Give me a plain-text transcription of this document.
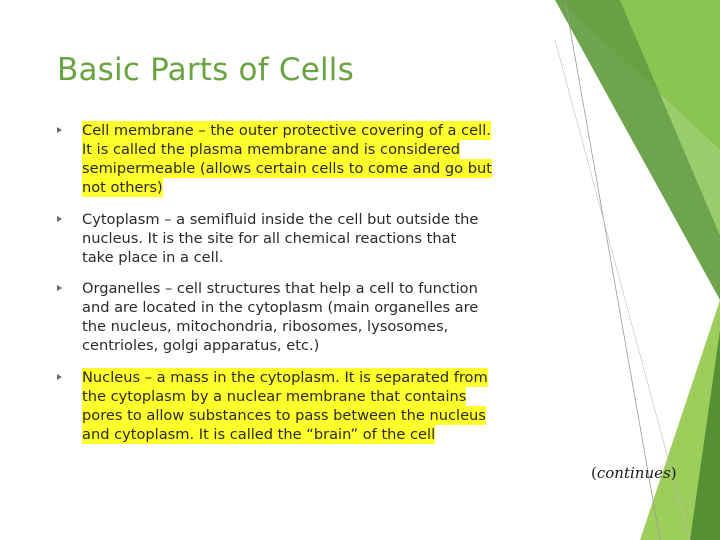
Basic Parts of Cells
Cell membrane – the outer protective covering of a cell.
It is called the plasma membrane and is considered
semipermeable (allows certain cells to come and go but
not others)
Cytoplasm – a semifluid inside the cell but outside the
nucleus. It is the site for all chemical reactions that
take place in a cell.
Organelles – cell structures that help a cell to function
and are located in the cytoplasm (main organelles are
the nucleus, mitochondria, ribosomes, lysosomes,
centrioles, golgi apparatus, etc.)
Nucleus – a mass in the cytoplasm. It is separated from
the cytoplasm by a nuclear membrane that contains
pores to allow substances to pass between the nucleus
and cytoplasm. It is called the “brain” of the cell
(continues)
